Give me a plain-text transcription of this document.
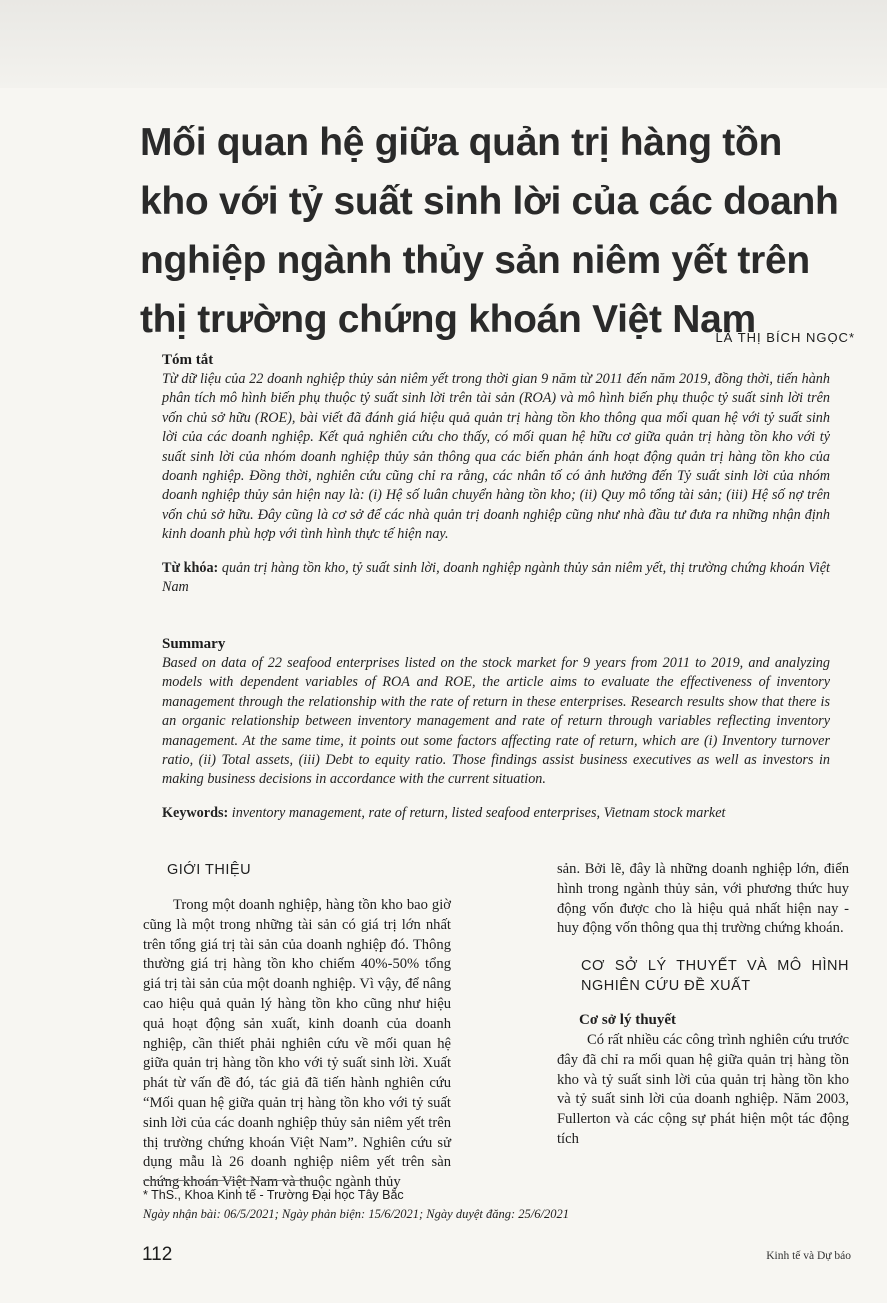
Mối quan hệ giữa quản trị hàng tồn kho với tỷ suất sinh lời của các doanh nghiệp ngành thủy sản niêm yết trên thị trường chứng khoán Việt Nam
LÃ THỊ BÍCH NGỌC*
Tóm tắt

Từ dữ liệu của 22 doanh nghiệp thủy sản niêm yết trong thời gian 9 năm từ 2011 đến năm 2019, đồng thời, tiến hành phân tích mô hình biến phụ thuộc tỷ suất sinh lời trên tài sản (ROA) và mô hình biến phụ thuộc tỷ suất sinh lời trên vốn chủ sở hữu (ROE), bài viết đã đánh giá hiệu quả quản trị hàng tồn kho thông qua mối quan hệ với tỷ suất sinh lời của các doanh nghiệp. Kết quả nghiên cứu cho thấy, có mối quan hệ hữu cơ giữa quản trị hàng tồn kho với tỷ suất sinh lời của nhóm doanh nghiệp thủy sản thông qua các biến phản ánh hoạt động quản trị hàng tồn kho của doanh nghiệp. Đồng thời, nghiên cứu cũng chỉ ra rằng, các nhân tố có ảnh hưởng đến Tỷ suất sinh lời của nhóm doanh nghiệp thủy sản hiện nay là: (i) Hệ số luân chuyển hàng tồn kho; (ii) Quy mô tổng tài sản; (iii) Hệ số nợ trên vốn chủ sở hữu. Đây cũng là cơ sở để các nhà quản trị doanh nghiệp cũng như nhà đầu tư đưa ra những nhận định kinh doanh phù hợp với tình hình thực tế hiện nay.

Từ khóa: quản trị hàng tồn kho, tỷ suất sinh lời, doanh nghiệp ngành thủy sản niêm yết, thị trường chứng khoán Việt Nam
Summary

Based on data of 22 seafood enterprises listed on the stock market for 9 years from 2011 to 2019, and analyzing models with dependent variables of ROA and ROE, the article aims to evaluate the effectiveness of inventory management through the relationship with the rate of return in these enterprises. Research results show that there is an organic relationship between inventory management and rate of return through variables reflecting inventory management. At the same time, it points out some factors affecting rate of return, which are (i) Inventory turnover ratio, (ii) Total assets, (iii) Debt to equity ratio. Those findings assist business executives as well as investors in making business decisions in accordance with the current situation.

Keywords: inventory management, rate of return, listed seafood enterprises, Vietnam stock market
GIỚI THIỆU

Trong một doanh nghiệp, hàng tồn kho bao giờ cũng là một trong những tài sản có giá trị lớn nhất trên tổng giá trị tài sản của doanh nghiệp đó. Thông thường giá trị hàng tồn kho chiếm 40%-50% tổng giá trị tài sản của một doanh nghiệp. Vì vậy, để nâng cao hiệu quả quản lý hàng tồn kho cũng như hiệu quả hoạt động sản xuất, kinh doanh của doanh nghiệp, cần thiết phải nghiên cứu về mối quan hệ giữa quản trị hàng tồn kho với tỷ suất sinh lời. Xuất phát từ vấn đề đó, tác giả đã tiến hành nghiên cứu “Mối quan hệ giữa quản trị hàng tồn kho với tỷ suất sinh lời của các doanh nghiệp thủy sản niêm yết trên thị trường chứng khoán Việt Nam”. Nghiên cứu sử dụng mẫu là 26 doanh nghiệp niêm yết trên sàn chứng khoán Việt Nam và thuộc ngành thủy

sản. Bởi lẽ, đây là những doanh nghiệp lớn, điển hình trong ngành thủy sản, với phương thức huy động vốn được cho là hiệu quả nhất hiện nay - huy động vốn thông qua thị trường chứng khoán.

CƠ SỞ LÝ THUYẾT VÀ MÔ HÌNH NGHIÊN CỨU ĐỀ XUẤT
Cơ sở lý thuyết

Có rất nhiều các công trình nghiên cứu trước đây đã chỉ ra mối quan hệ giữa quản trị hàng tồn kho và tỷ suất sinh lời của quản trị hàng tồn kho và tỷ suất sinh lời của doanh nghiệp. Năm 2003, Fullerton và các cộng sự phát hiện một tác động tích

* ThS., Khoa Kinh tế - Trường Đại học Tây Bắc
Ngày nhận bài: 06/5/2021; Ngày phản biện: 15/6/2021; Ngày duyệt đăng: 25/6/2021
112	Kinh tế và Dự báo
